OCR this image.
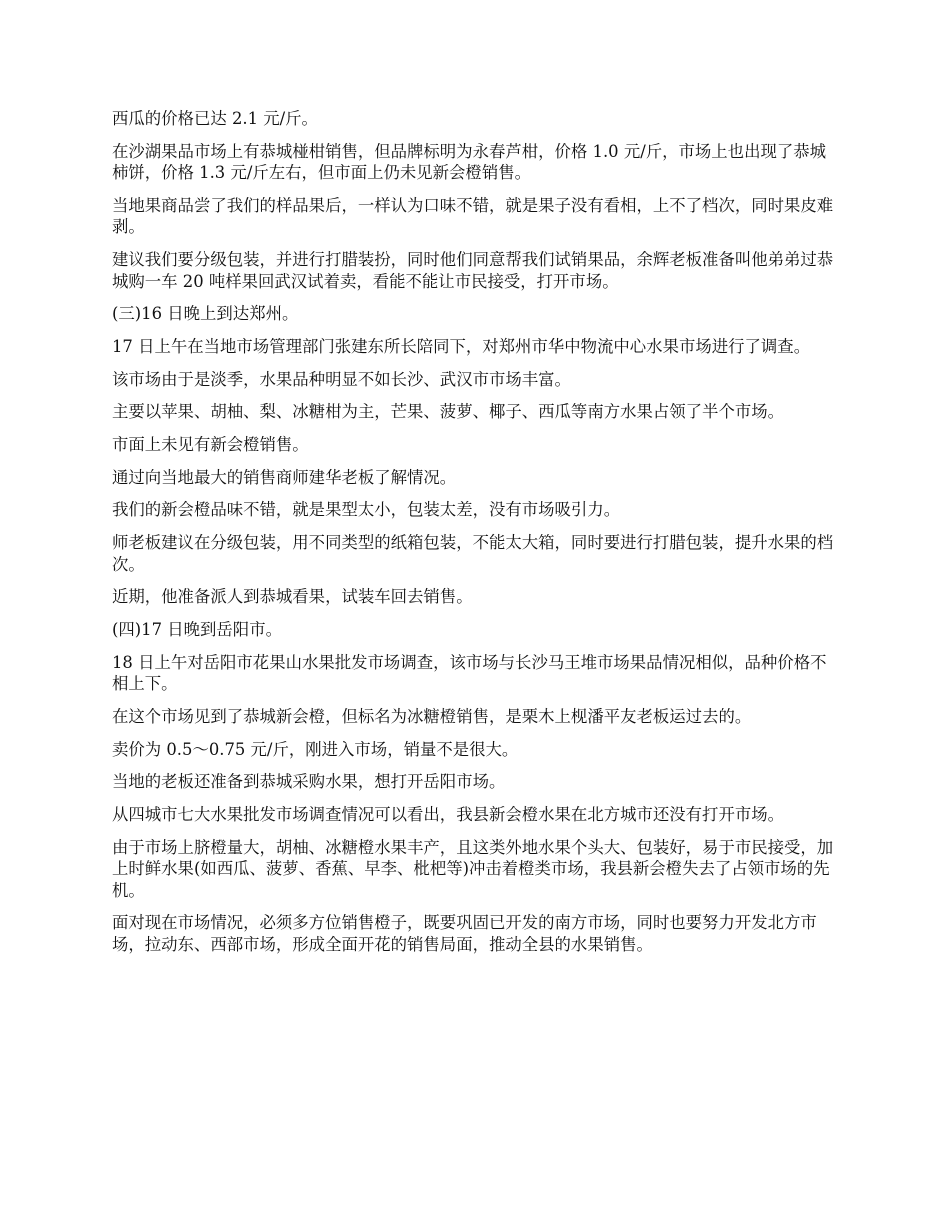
西瓜的价格已达 2.1 元/斤。

在沙湖果品市场上有恭城椪柑销售，但品牌标明为永春芦柑，价格 1.0 元/斤，市场上也出现了恭城柿饼，价格 1.3 元/斤左右，但市面上仍未见新会橙销售。

当地果商品尝了我们的样品果后，一样认为口味不错，就是果子没有看相，上不了档次，同时果皮难剥。

建议我们要分级包装，并进行打腊装扮，同时他们同意帮我们试销果品，余辉老板准备叫他弟弟过恭城购一车 20 吨样果回武汉试着卖，看能不能让市民接受，打开市场。

(三)16 日晚上到达郑州。

17 日上午在当地市场管理部门张建东所长陪同下，对郑州市华中物流中心水果市场进行了调查。

该市场由于是淡季，水果品种明显不如长沙、武汉市市场丰富。

主要以苹果、胡柚、梨、冰糖柑为主，芒果、菠萝、椰子、西瓜等南方水果占领了半个市场。

市面上未见有新会橙销售。

通过向当地最大的销售商师建华老板了解情况。

我们的新会橙品味不错，就是果型太小，包装太差，没有市场吸引力。

师老板建议在分级包装，用不同类型的纸箱包装，不能太大箱，同时要进行打腊包装，提升水果的档次。

近期，他准备派人到恭城看果，试装车回去销售。

(四)17 日晚到岳阳市。

18 日上午对岳阳市花果山水果批发市场调查，该市场与长沙马王堆市场果品情况相似，品种价格不相上下。

在这个市场见到了恭城新会橙，但标名为冰糖橙销售，是栗木上枧潘平友老板运过去的。

卖价为 0.5～0.75 元/斤，刚进入市场，销量不是很大。

当地的老板还准备到恭城采购水果，想打开岳阳市场。

从四城市七大水果批发市场调查情况可以看出，我县新会橙水果在北方城市还没有打开市场。

由于市场上脐橙量大，胡柚、冰糖橙水果丰产，且这类外地水果个头大、包装好，易于市民接受，加上时鲜水果(如西瓜、菠萝、香蕉、早李、枇杷等)冲击着橙类市场，我县新会橙失去了占领市场的先机。

面对现在市场情况，必须多方位销售橙子，既要巩固已开发的南方市场，同时也要努力开发北方市场，拉动东、西部市场，形成全面开花的销售局面，推动全县的水果销售。
